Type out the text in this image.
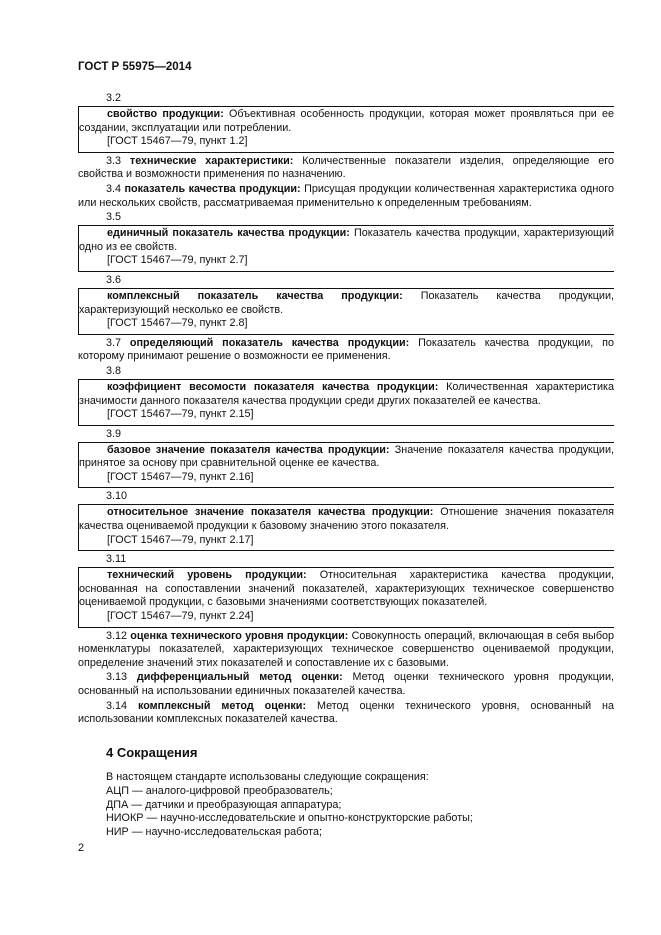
ГОСТ Р 55975—2014
3.2

свойство продукции: Объективная особенность продукции, которая может проявляться при ее создании, эксплуатации или потреблении.

[ГОСТ 15467—79, пункт 1.2]

3.3 технические характеристики: Количественные показатели изделия, определяющие его свойства и возможности применения по назначению.

3.4 показатель качества продукции: Присущая продукции количественная характеристика одного или нескольких свойств, рассматриваемая применительно к определенным требованиям.

3.5

единичный показатель качества продукции: Показатель качества продукции, характеризующий одно из ее свойств.

[ГОСТ 15467—79, пункт 2.7]

3.6

комплексный показатель качества продукции: Показатель качества продукции, характеризующий несколько ее свойств.

[ГОСТ 15467—79, пункт 2.8]

3.7 определяющий показатель качества продукции: Показатель качества продукции, по которому принимают решение о возможности ее применения.

3.8

коэффициент весомости показателя качества продукции: Количественная характеристика значимости данного показателя качества продукции среди других показателей ее качества.

[ГОСТ 15467—79, пункт 2.15]

3.9

базовое значение показателя качества продукции: Значение показателя качества продукции, принятое за основу при сравнительной оценке ее качества.

[ГОСТ 15467—79, пункт 2.16]

3.10

относительное значение показателя качества продукции: Отношение значения показателя качества оцениваемой продукции к базовому значению этого показателя.

[ГОСТ 15467—79, пункт 2.17]

3.11

технический уровень продукции: Относительная характеристика качества продукции, основанная на сопоставлении значений показателей, характеризующих техническое совершенство оцениваемой продукции, с базовыми значениями соответствующих показателей.

[ГОСТ 15467—79, пункт 2.24]

3.12 оценка технического уровня продукции: Совокупность операций, включающая в себя выбор номенклатуры показателей, характеризующих техническое совершенство оцениваемой продукции, определение значений этих показателей и сопоставление их с базовыми.

3.13 дифференциальный метод оценки: Метод оценки технического уровня продукции, основанный на использовании единичных показателей качества.

3.14 комплексный метод оценки: Метод оценки технического уровня, основанный на использовании комплексных показателей качества.

4 Сокращения

В настоящем стандарте использованы следующие сокращения:

АЦП — аналого-цифровой преобразователь;

ДПА — датчики и преобразующая аппаратура;

НИОКР — научно-исследовательские и опытно-конструкторские работы;

НИР — научно-исследовательская работа;

2
